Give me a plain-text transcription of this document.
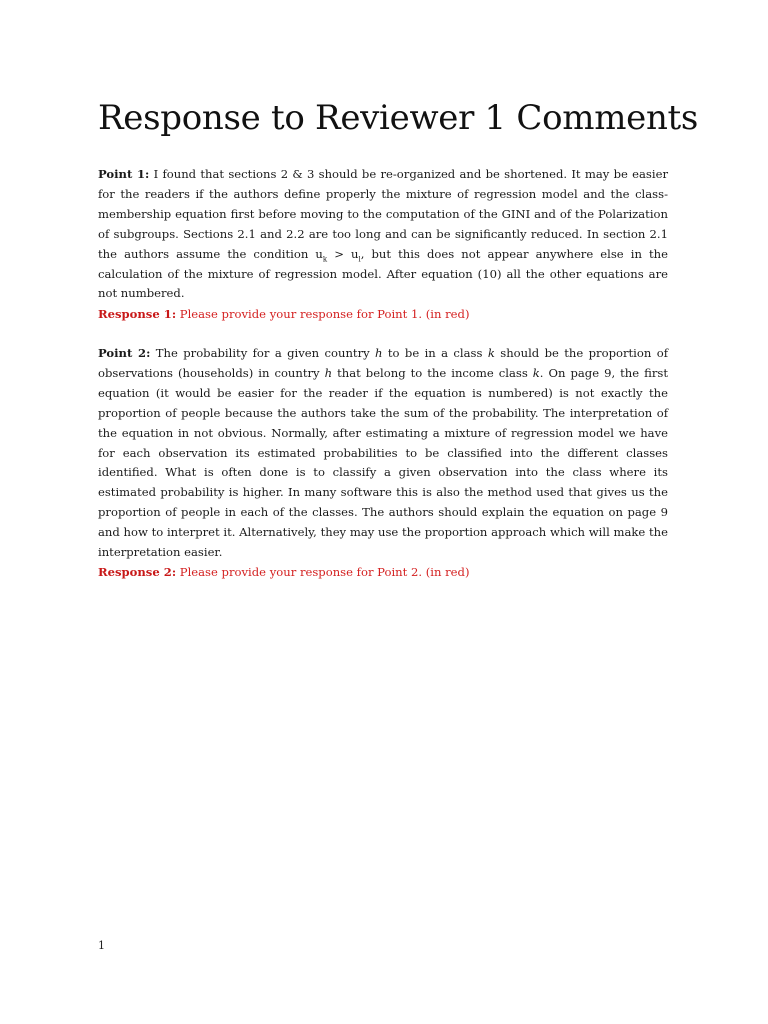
Response to Reviewer 1 Comments

Point 1: I found that sections 2 & 3 should be re-organized and be shortened. It may be easier for the readers if the authors define properly the mixture of regression model and the class-membership equation first before moving to the computation of the GINI and of the Polarization of subgroups. Sections 2.1 and 2.2 are too long and can be significantly reduced. In section 2.1 the authors assume the condition $u_k > u_l$, but this does not appear anywhere else in the calculation of the mixture of regression model. After equation (10) all the other equations are not numbered.

Response 1: Please provide your response for Point 1. (in red)

Point 2: The probability for a given country h to be in a class k should be the proportion of observations (households) in country h that belong to the income class k. On page 9, the first equation (it would be easier for the reader if the equation is numbered) is not exactly the proportion of people because the authors take the sum of the probability. The interpretation of the equation in not obvious. Normally, after estimating a mixture of regression model we have for each observation its estimated probabilities to be classified into the different classes identified. What is often done is to classify a given observation into the class where its estimated probability is higher. In many software this is also the method used that gives us the proportion of people in each of the classes. The authors should explain the equation on page 9 and how to interpret it. Alternatively, they may use the proportion approach which will make the interpretation easier.

Response 2: Please provide your response for Point 2. (in red)

1
